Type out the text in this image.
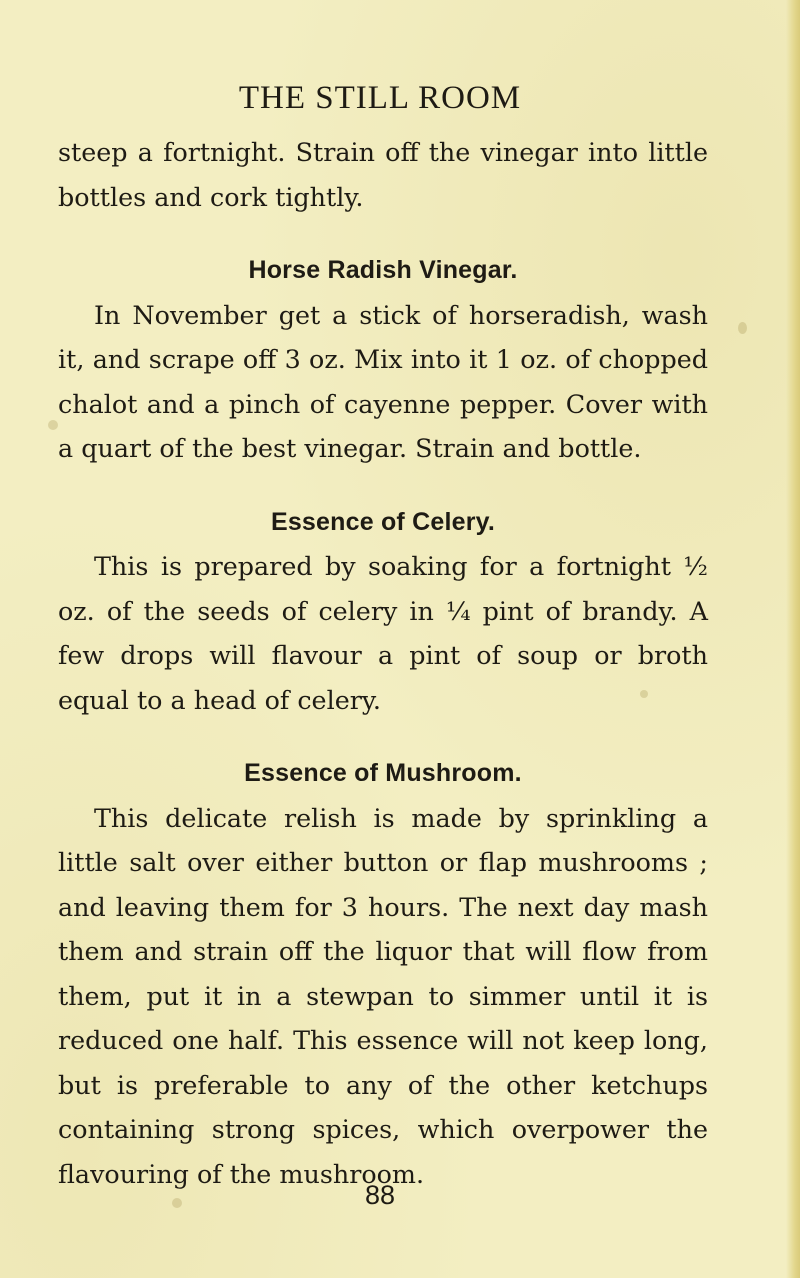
THE STILL ROOM

steep a fortnight. Strain off the vinegar into little bottles and cork tightly.

Horse Radish Vinegar.

In November get a stick of horseradish, wash it, and scrape off 3 oz. Mix into it 1 oz. of chopped chalot and a pinch of cayenne pepper. Cover with a quart of the best vinegar. Strain and bottle.

Essence of Celery.

This is prepared by soaking for a fortnight ½ oz. of the seeds of celery in ¼ pint of brandy. A few drops will flavour a pint of soup or broth equal to a head of celery.

Essence of Mushroom.

This delicate relish is made by sprinkling a little salt over either button or flap mushrooms ; and leaving them for 3 hours. The next day mash them and strain off the liquor that will flow from them, put it in a stewpan to simmer until it is reduced one half. This essence will not keep long, but is preferable to any of the other ketchups containing strong spices, which overpower the flavouring of the mushroom.

88
